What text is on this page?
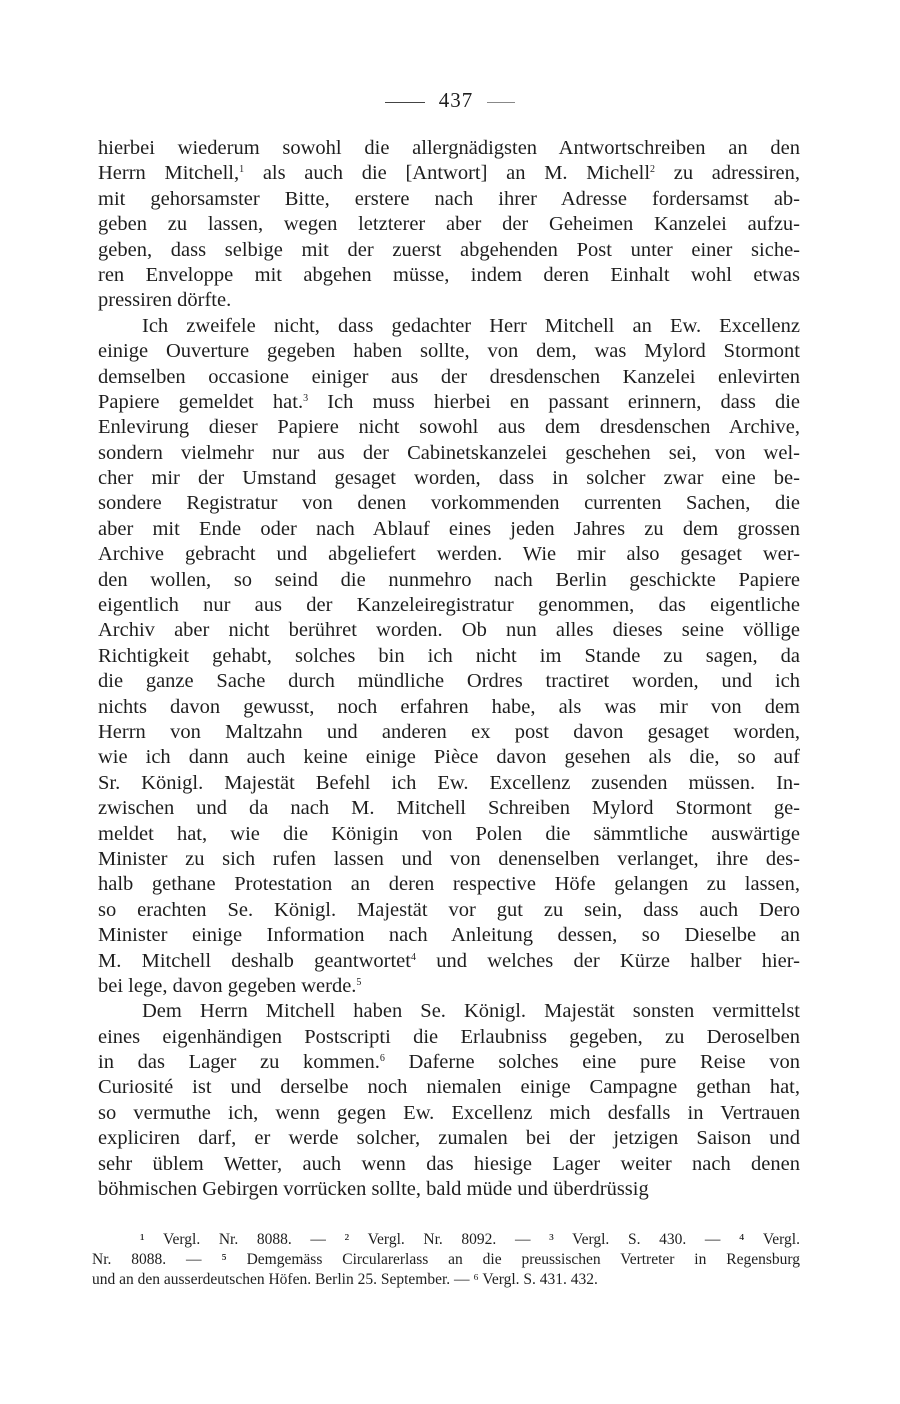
437
hierbei wiederum sowohl die allergnädigsten Antwortschreiben an den
Herrn Mitchell,$^1$ als auch die [Antwort] an M. Michell$^2$ zu adressiren,
mit gehorsamster Bitte, erstere nach ihrer Adresse fordersamst ab-
geben zu lassen, wegen letzterer aber der Geheimen Kanzelei aufzu-
geben, dass selbige mit der zuerst abgehenden Post unter einer siche-
ren Enveloppe mit abgehen müsse, indem deren Einhalt wohl etwas
pressiren dörfte.
Ich zweifele nicht, dass gedachter Herr Mitchell an Ew. Excellenz
einige Ouverture gegeben haben sollte, von dem, was Mylord Stormont
demselben occasione einiger aus der dresdenschen Kanzelei enlevirten
Papiere gemeldet hat.$^3$ Ich muss hierbei en passant erinnern, dass die
Enlevirung dieser Papiere nicht sowohl aus dem dresdenschen Archive,
sondern vielmehr nur aus der Cabinetskanzelei geschehen sei, von wel-
cher mir der Umstand gesaget worden, dass in solcher zwar eine be-
sondere Registratur von denen vorkommenden currenten Sachen, die
aber mit Ende oder nach Ablauf eines jeden Jahres zu dem grossen
Archive gebracht und abgeliefert werden. Wie mir also gesaget wer-
den wollen, so seind die nunmehro nach Berlin geschickte Papiere
eigentlich nur aus der Kanzeleiregistratur genommen, das eigentliche
Archiv aber nicht berühret worden. Ob nun alles dieses seine völlige
Richtigkeit gehabt, solches bin ich nicht im Stande zu sagen, da
die ganze Sache durch mündliche Ordres tractiret worden, und ich
nichts davon gewusst, noch erfahren habe, als was mir von dem
Herrn von Maltzahn und anderen ex post davon gesaget worden,
wie ich dann auch keine einige Pièce davon gesehen als die, so auf
Sr. Königl. Majestät Befehl ich Ew. Excellenz zusenden müssen. In-
zwischen und da nach M. Mitchell Schreiben Mylord Stormont ge-
meldet hat, wie die Königin von Polen die sämmtliche auswärtige
Minister zu sich rufen lassen und von denenselben verlanget, ihre des-
halb gethane Protestation an deren respective Höfe gelangen zu lassen,
so erachten Se. Königl. Majestät vor gut zu sein, dass auch Dero
Minister einige Information nach Anleitung dessen, so Dieselbe an
M. Mitchell deshalb geantwortet$^4$ und welches der Kürze halber hier-
bei lege, davon gegeben werde.$^5$
Dem Herrn Mitchell haben Se. Königl. Majestät sonsten vermittelst
eines eigenhändigen Postscripti die Erlaubniss gegeben, zu Deroselben
in das Lager zu kommen.$^6$ Daferne solches eine pure Reise von
Curiosité ist und derselbe noch niemalen einige Campagne gethan hat,
so vermuthe ich, wenn gegen Ew. Excellenz mich desfalls in Vertrauen
expliciren darf, er werde solcher, zumalen bei der jetzigen Saison und
sehr üblem Wetter, auch wenn das hiesige Lager weiter nach denen
böhmischen Gebirgen vorrücken sollte, bald müde und überdrüssig
¹ Vergl. Nr. 8088. — ² Vergl. Nr. 8092. — ³ Vergl. S. 430. — ⁴ Vergl.
Nr. 8088. — ⁵ Demgemäss Circularerlass an die preussischen Vertreter in Regensburg
und an den ausserdeutschen Höfen. Berlin 25. September. — ⁶ Vergl. S. 431. 432.
